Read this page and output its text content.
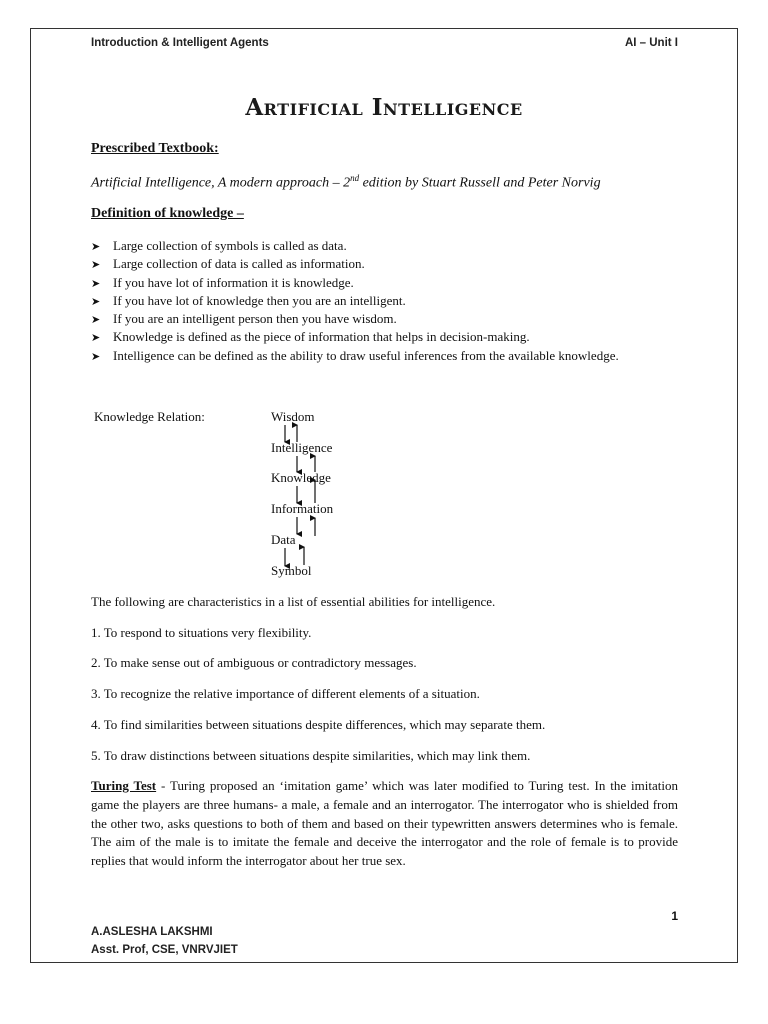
Introduction & Intelligent Agents	AI – Unit I
Artificial Intelligence
Prescribed Textbook:
Artificial Intelligence, A modern approach – 2nd edition by Stuart Russell and Peter Norvig
Definition of knowledge –
➤ Large collection of symbols is called as data.
➤ Large collection of data is called as information.
➤ If you have lot of information it is knowledge.
➤ If you have lot of knowledge then you are an intelligent.
➤ If you are an intelligent person then you have wisdom.
➤ Knowledge is defined as the piece of information that helps in decision-making.
➤ Intelligence can be defined as the ability to draw useful inferences from the available knowledge.
Knowledge Relation:	Wisdom
Intelligence
Knowledge
Information
Data
Symbol
The following are characteristics in a list of essential abilities for intelligence.
1. To respond to situations very flexibility.
2. To make sense out of ambiguous or contradictory messages.
3. To recognize the relative importance of different elements of a situation.
4. To find similarities between situations despite differences, which may separate them.
5. To draw distinctions between situations despite similarities, which may link them.
Turing Test - Turing proposed an ‘imitation game’ which was later modified to Turing test. In the imitation game the players are three humans- a male, a female and an interrogator. The interrogator who is shielded from the other two, asks questions to both of them and based on their typewritten answers determines who is female. The aim of the male is to imitate the female and deceive the interrogator and the role of female is to provide replies that would inform the interrogator about her true sex.
1
A.ASLESHA LAKSHMI
Asst. Prof, CSE, VNRVJIET
